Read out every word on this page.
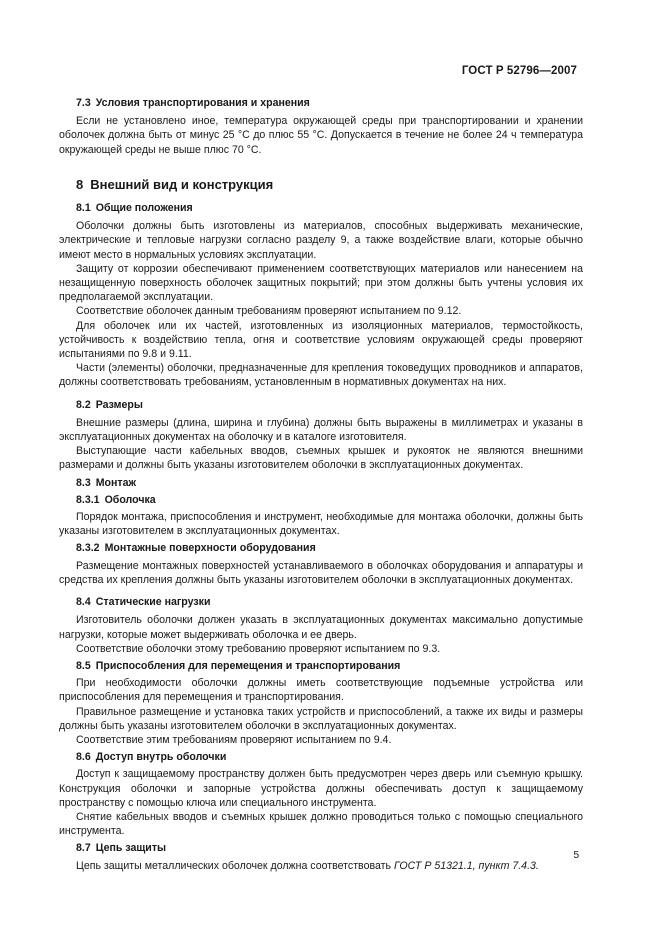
ГОСТ Р 52796—2007
7.3 Условия транспортирования и хранения

Если не установлено иное, температура окружающей среды при транспортировании и хранении оболочек должна быть от минус 25 °С до плюс 55 °С. Допускается в течение не более 24 ч температура окружающей среды не выше плюс 70 °С.

8 Внешний вид и конструкция
8.1 Общие положения

Оболочки должны быть изготовлены из материалов, способных выдерживать механические, электрические и тепловые нагрузки согласно разделу 9, а также воздействие влаги, которые обычно имеют место в нормальных условиях эксплуатации.

Защиту от коррозии обеспечивают применением соответствующих материалов или нанесением на незащищенную поверхность оболочек защитных покрытий; при этом должны быть учтены условия их предполагаемой эксплуатации.

Соответствие оболочек данным требованиям проверяют испытанием по 9.12.

Для оболочек или их частей, изготовленных из изоляционных материалов, термостойкость, устойчивость к воздействию тепла, огня и соответствие условиям окружающей среды проверяют испытаниями по 9.8 и 9.11.

Части (элементы) оболочки, предназначенные для крепления токоведущих проводников и аппаратов, должны соответствовать требованиям, установленным в нормативных документах на них.

8.2 Размеры

Внешние размеры (длина, ширина и глубина) должны быть выражены в миллиметрах и указаны в эксплуатационных документах на оболочку и в каталоге изготовителя.

Выступающие части кабельных вводов, съемных крышек и рукояток не являются внешними размерами и должны быть указаны изготовителем оболочки в эксплуатационных документах.

8.3 Монтаж
8.3.1 Оболочка

Порядок монтажа, приспособления и инструмент, необходимые для монтажа оболочки, должны быть указаны изготовителем в эксплуатационных документах.

8.3.2 Монтажные поверхности оборудования

Размещение монтажных поверхностей устанавливаемого в оболочках оборудования и аппаратуры и средства их крепления должны быть указаны изготовителем оболочки в эксплуатационных документах.

8.4 Статические нагрузки

Изготовитель оболочки должен указать в эксплуатационных документах максимально допустимые нагрузки, которые может выдерживать оболочка и ее дверь.

Соответствие оболочки этому требованию проверяют испытанием по 9.3.

8.5 Приспособления для перемещения и транспортирования

При необходимости оболочки должны иметь соответствующие подъемные устройства или приспособления для перемещения и транспортирования.

Правильное размещение и установка таких устройств и приспособлений, а также их виды и размеры должны быть указаны изготовителем оболочки в эксплуатационных документах.

Соответствие этим требованиям проверяют испытанием по 9.4.

8.6 Доступ внутрь оболочки

Доступ к защищаемому пространству должен быть предусмотрен через дверь или съемную крышку. Конструкция оболочки и запорные устройства должны обеспечивать доступ к защищаемому пространству с помощью ключа или специального инструмента.

Снятие кабельных вводов и съемных крышек должно проводиться только с помощью специального инструмента.

8.7 Цепь защиты

Цепь защиты металлических оболочек должна соответствовать ГОСТ Р 51321.1, пункт 7.4.3.

5
